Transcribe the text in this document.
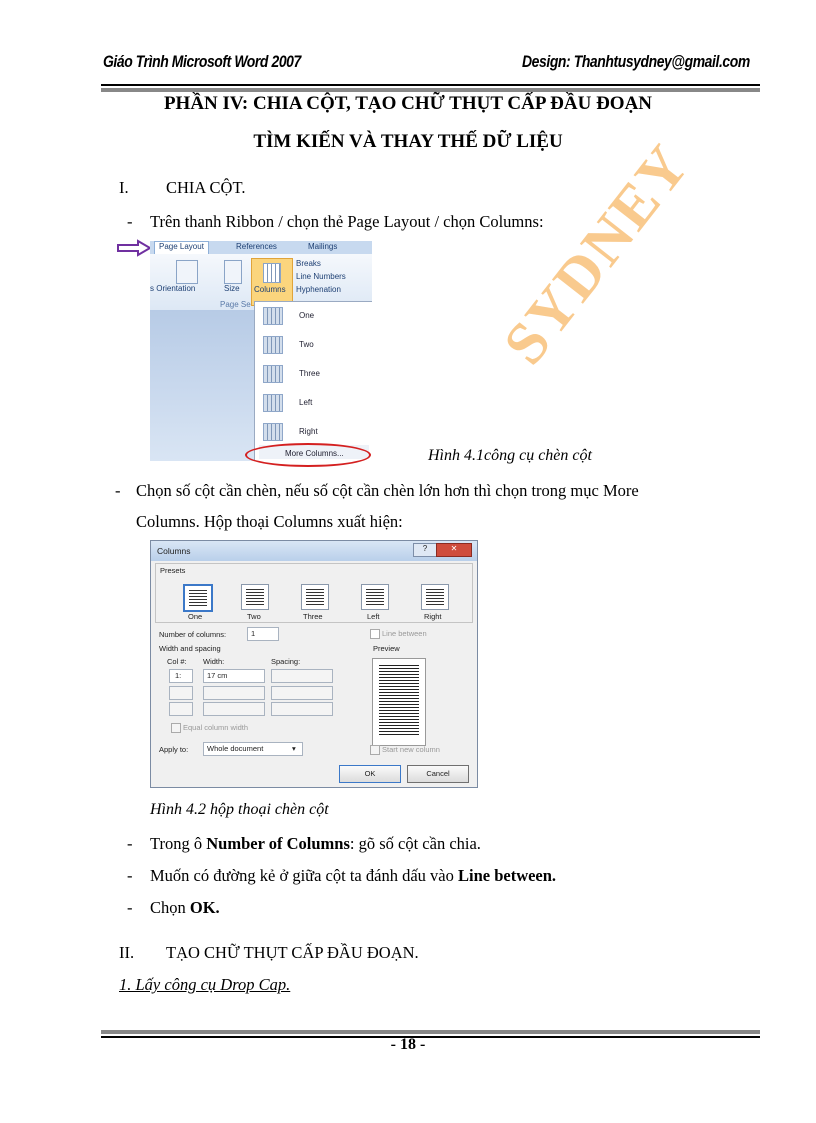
Giáo Trình Microsoft Word 2007	Design: Thanhtusydney@gmail.com
PHẦN IV: CHIA CỘT, TẠO CHỮ THỤT CẤP ĐẦU ĐOẠN
TÌM KIẾN VÀ THAY THẾ DỮ LIỆU
I. CHIA CỘT.
- Trên thanh Ribbon / chọn thẻ Page Layout / chọn Columns:
Page Layout	References	Mailings
s Orientation	Size Columns
Breaks
Line Numbers
Hyphenation
Page Se
One
Two
Three
Left
Right
More Columns...	Hình 4.1công cụ chèn cột
- Chọn số cột cần chèn, nếu số cột cần chèn lớn hơn thì chọn trong mục More
Columns. Hộp thoại Columns xuất hiện:
Columns	?	✕
Presets
One	Two	Three	Left	Right
Number of columns:	1	Line between
Width and spacing	Preview
Col #: Width:	Spacing:
1:	17 cm
Equal column width
Apply to:	Whole document	▾	Start new column
OK	Cancel
Hình 4.2 hộp thoại chèn cột
- Trong ô Number of Columns: gõ số cột cần chia.
- Muốn có đường kẻ ở giữa cột ta đánh dấu vào Line between.
- Chọn OK.
II. TẠO CHỮ THỤT CẤP ĐẦU ĐOẠN.
1. Lấy công cụ Drop Cap.
SYDNEY
- 18 -
